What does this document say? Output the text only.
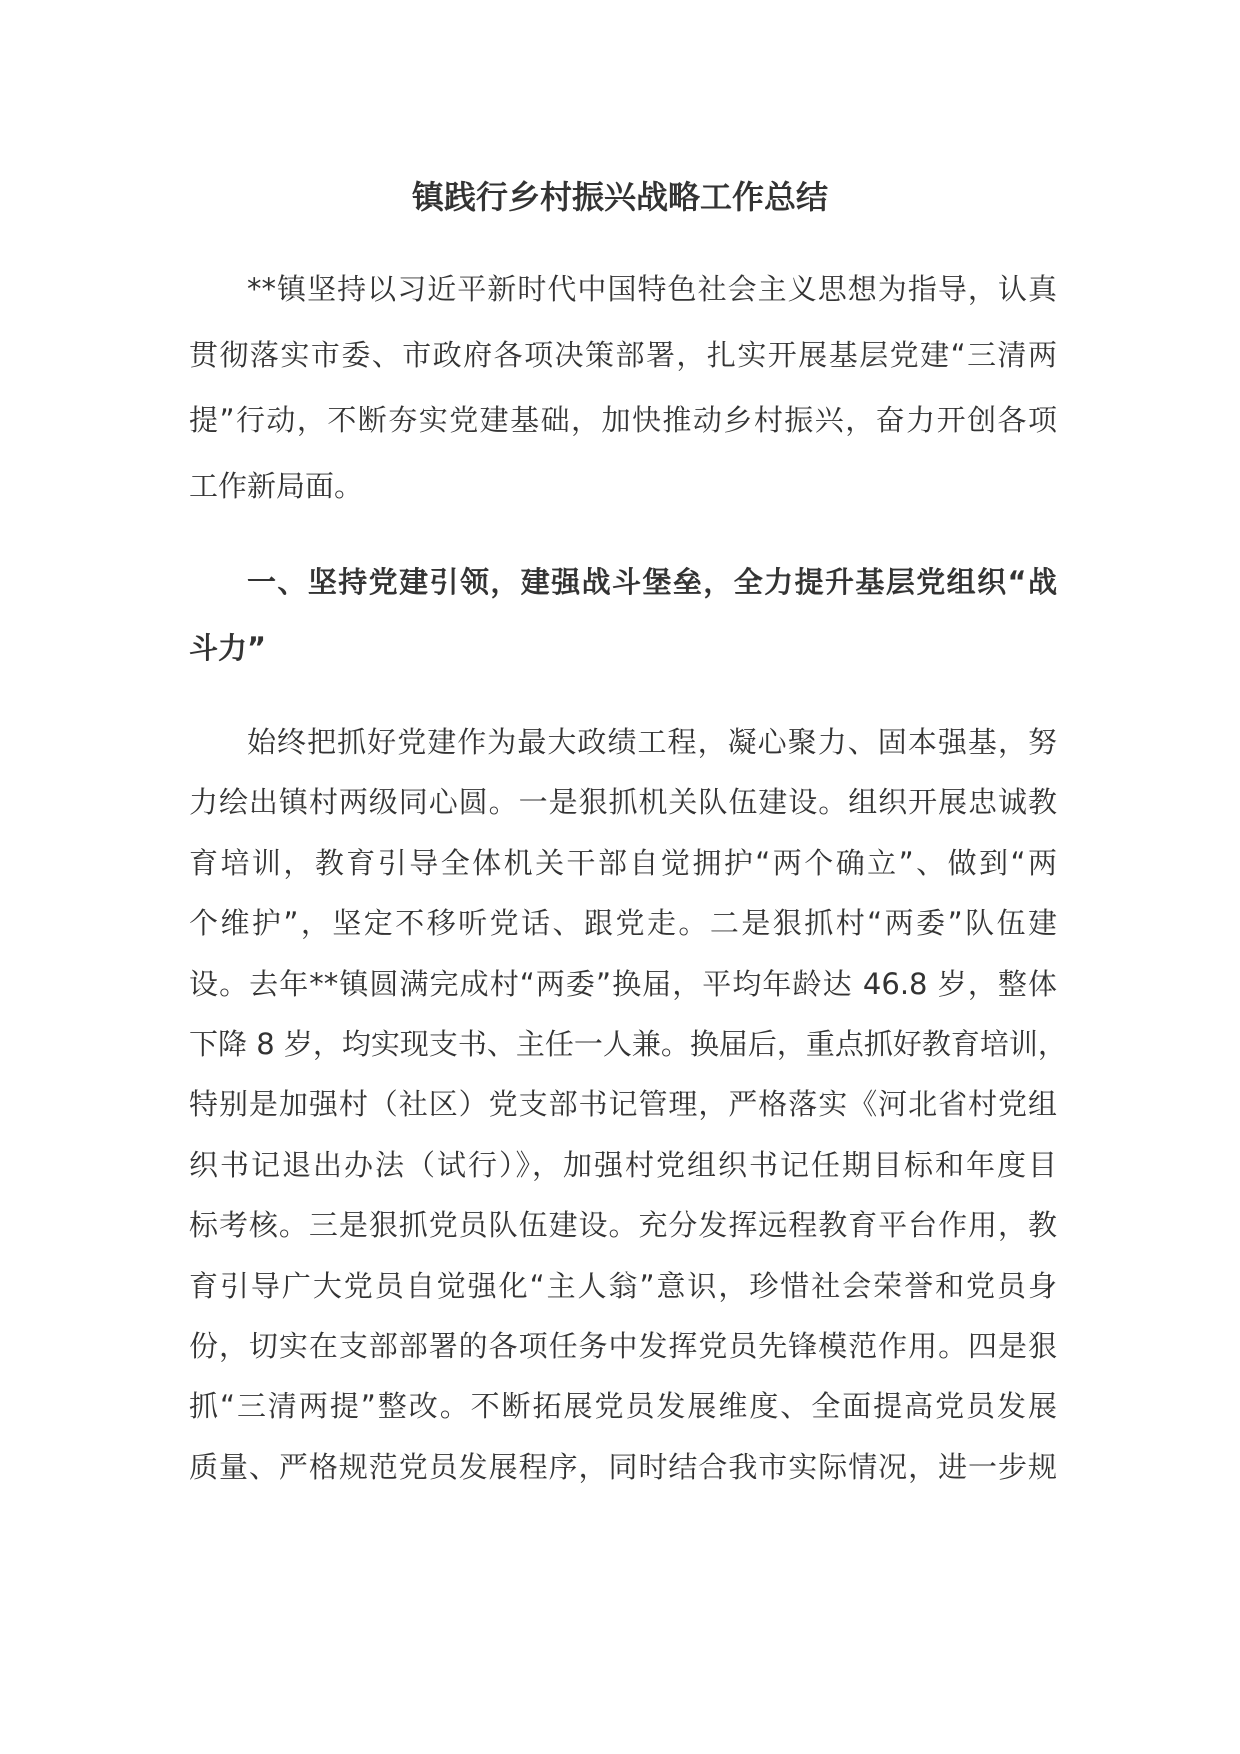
镇践行乡村振兴战略工作总结
**镇坚持以习近平新时代中国特色社会主义思想为指导，认真
贯彻落实市委、市政府各项决策部署，扎实开展基层党建“三清两
提”行动，不断夯实党建基础，加快推动乡村振兴，奋力开创各项
工作新局面。
一、坚持党建引领，建强战斗堡垒，全力提升基层党组织“战
斗力”
始终把抓好党建作为最大政绩工程，凝心聚力、固本强基，努
力绘出镇村两级同心圆。一是狠抓机关队伍建设。组织开展忠诚教
育培训，教育引导全体机关干部自觉拥护“两个确立”、做到“两
个维护”，坚定不移听党话、跟党走。二是狠抓村“两委”队伍建
设。去年**镇圆满完成村“两委”换届，平均年龄达 46.8 岁，整体
下降 8 岁，均实现支书、主任一人兼。换届后，重点抓好教育培训，
特别是加强村（社区）党支部书记管理，严格落实《河北省村党组
织书记退出办法（试行）》，加强村党组织书记任期目标和年度目
标考核。三是狠抓党员队伍建设。充分发挥远程教育平台作用，教
育引导广大党员自觉强化“主人翁”意识，珍惜社会荣誉和党员身
份，切实在支部部署的各项任务中发挥党员先锋模范作用。四是狠
抓“三清两提”整改。不断拓展党员发展维度、全面提高党员发展
质量、严格规范党员发展程序，同时结合我市实际情况，进一步规
